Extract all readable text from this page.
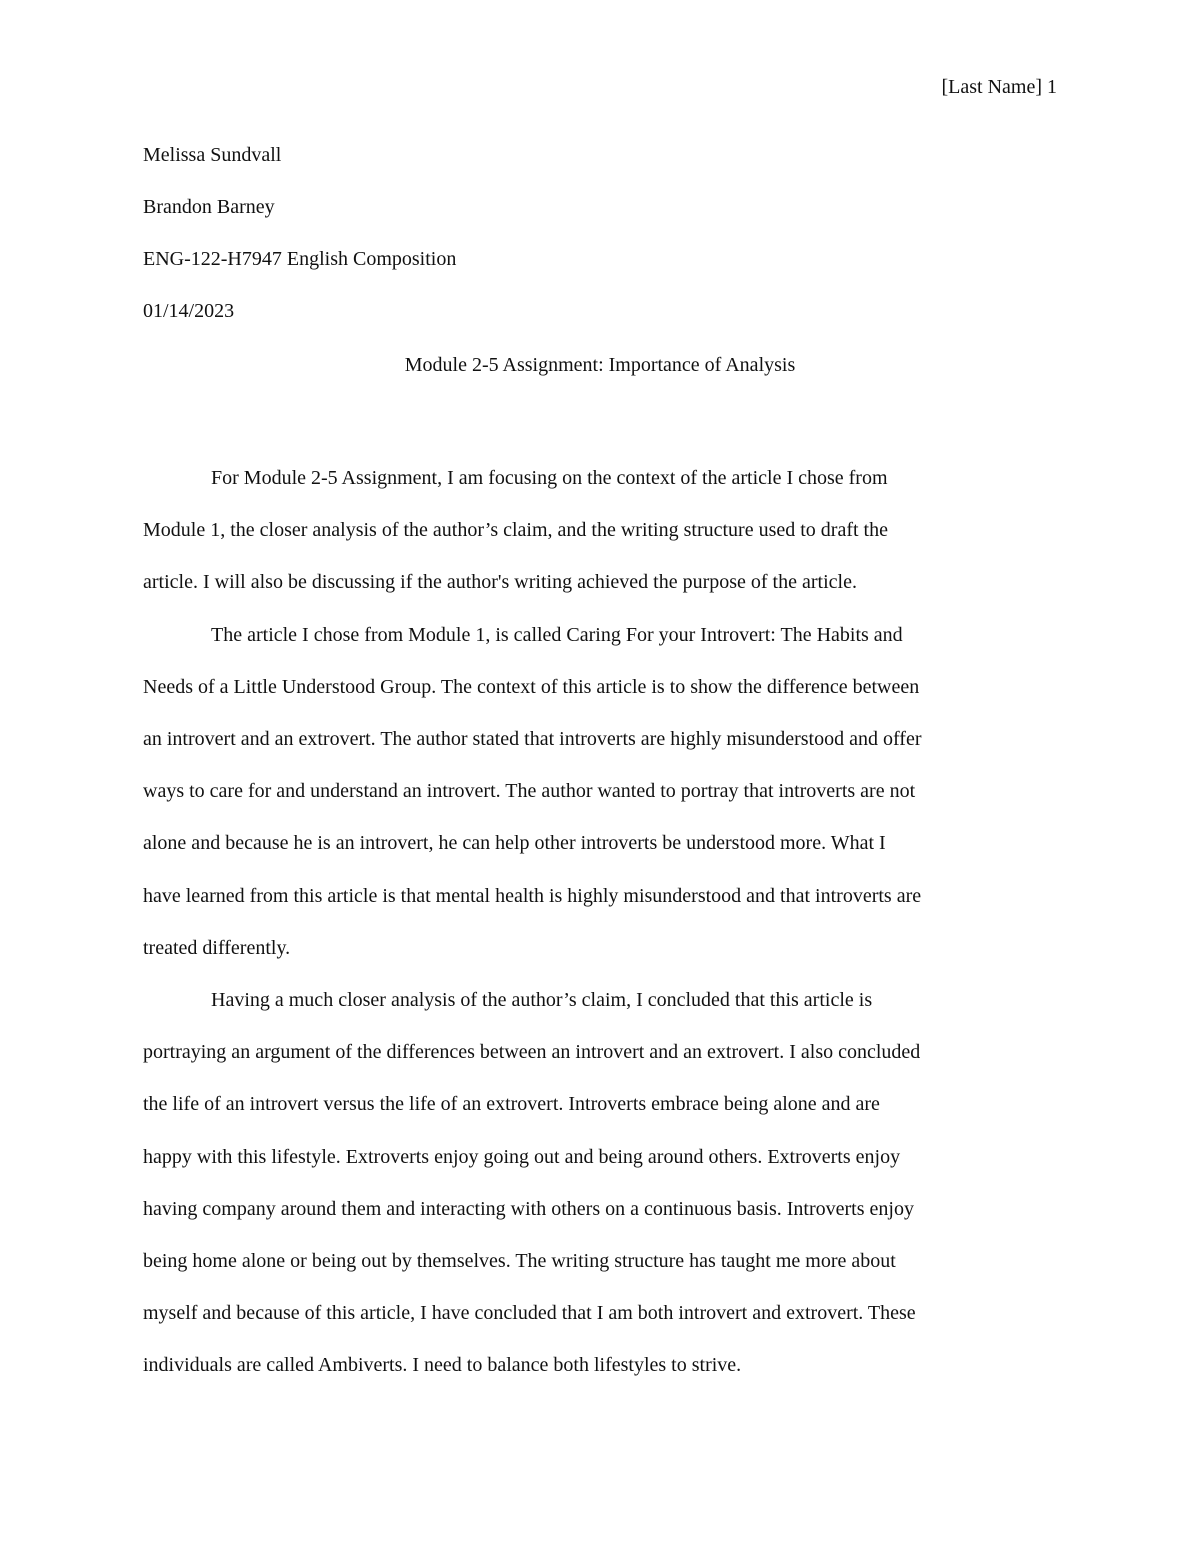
[Last Name] 1
Melissa Sundvall
Brandon Barney
ENG-122-H7947 English Composition
01/14/2023
Module 2-5 Assignment: Importance of Analysis
For Module 2-5 Assignment, I am focusing on the context of the article I chose from
Module 1, the closer analysis of the author’s claim, and the writing structure used to draft the
article. I will also be discussing if the author's writing achieved the purpose of the article.
The article I chose from Module 1, is called Caring For your Introvert: The Habits and
Needs of a Little Understood Group. The context of this article is to show the difference between
an introvert and an extrovert. The author stated that introverts are highly misunderstood and offer
ways to care for and understand an introvert. The author wanted to portray that introverts are not
alone and because he is an introvert, he can help other introverts be understood more. What I
have learned from this article is that mental health is highly misunderstood and that introverts are
treated differently.
Having a much closer analysis of the author’s claim, I concluded that this article is
portraying an argument of the differences between an introvert and an extrovert. I also concluded
the life of an introvert versus the life of an extrovert. Introverts embrace being alone and are
happy with this lifestyle. Extroverts enjoy going out and being around others. Extroverts enjoy
having company around them and interacting with others on a continuous basis. Introverts enjoy
being home alone or being out by themselves. The writing structure has taught me more about
myself and because of this article, I have concluded that I am both introvert and extrovert. These
individuals are called Ambiverts. I need to balance both lifestyles to strive.
